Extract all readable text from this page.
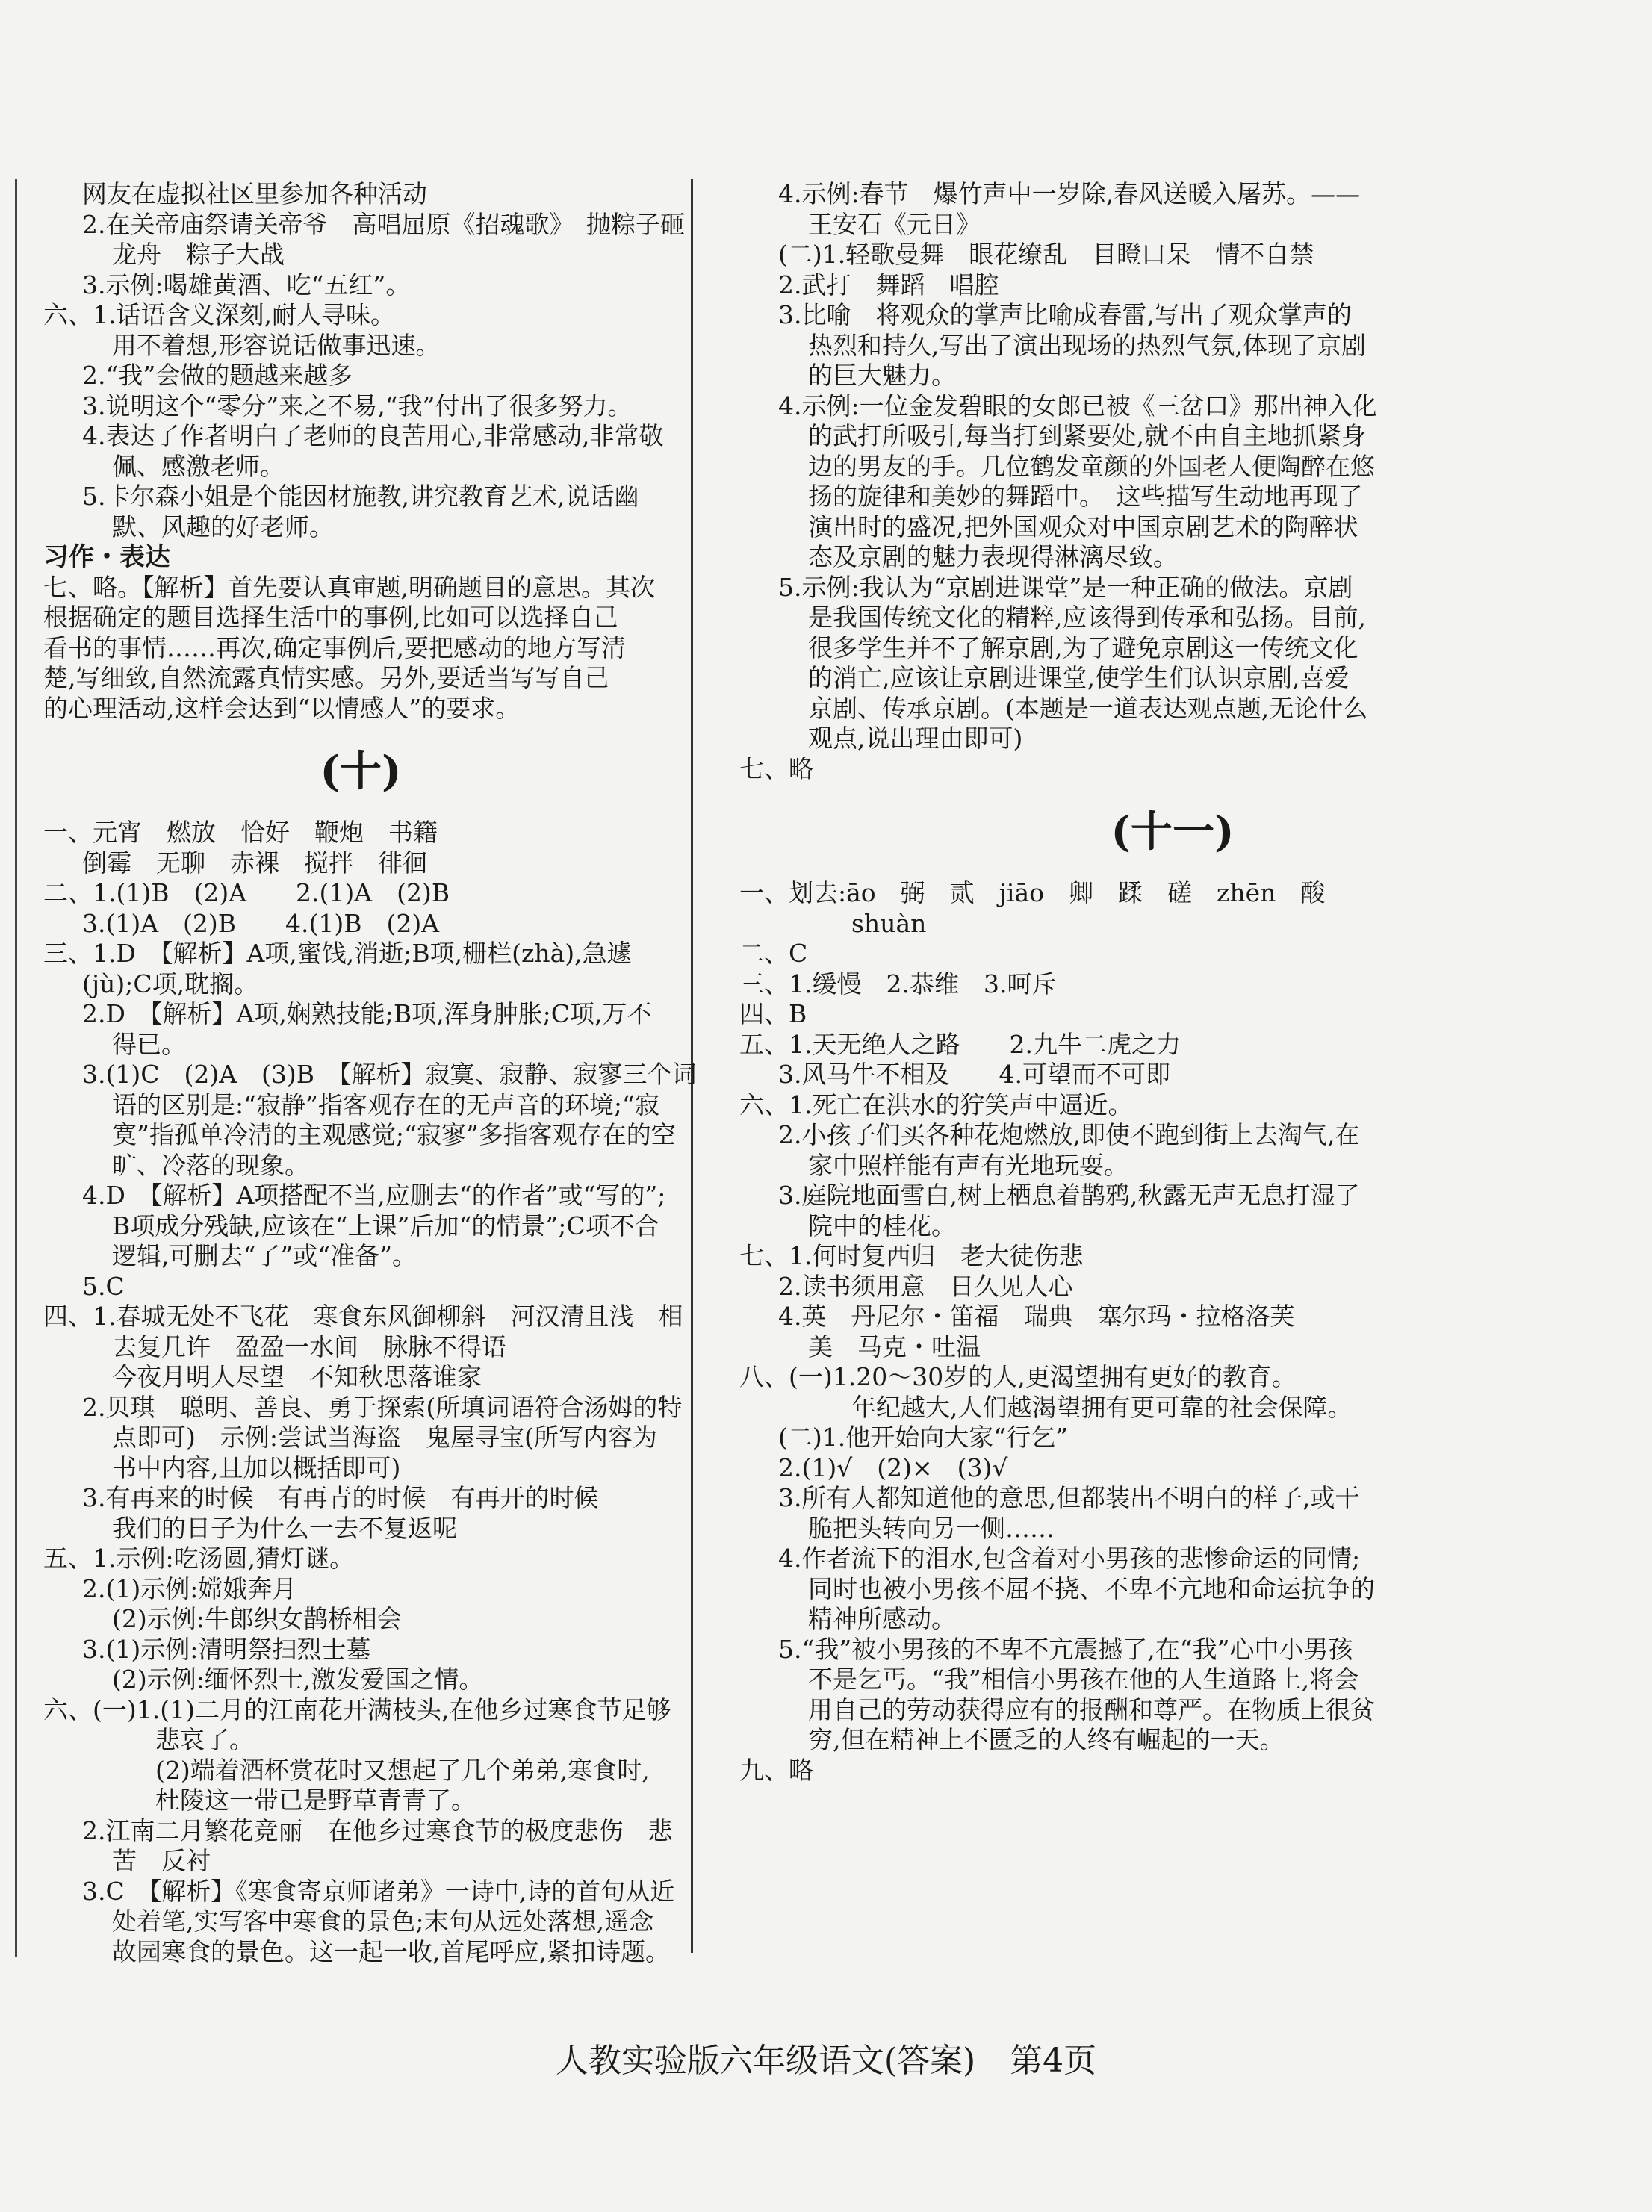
网友在虚拟社区里参加各种活动
2.在关帝庙祭请关帝爷　高唱屈原《招魂歌》　抛粽子砸
龙舟　粽子大战
3.示例:喝雄黄酒、吃“五红”。
六、1.话语含义深刻,耐人寻味。
用不着想,形容说话做事迅速。
2.“我”会做的题越来越多
3.说明这个“零分”来之不易,“我”付出了很多努力。
4.表达了作者明白了老师的良苦用心,非常感动,非常敬
佩、感激老师。
5.卡尔森小姐是个能因材施教,讲究教育艺术,说话幽
默、风趣的好老师。
习作・表达
七、略。【解析】首先要认真审题,明确题目的意思。其次
根据确定的题目选择生活中的事例,比如可以选择自己
看书的事情……再次,确定事例后,要把感动的地方写清
楚,写细致,自然流露真情实感。另外,要适当写写自己
的心理活动,这样会达到“以情感人”的要求。
(十)
一、元宵　燃放　恰好　鞭炮　书籍
倒霉　无聊　赤裸　搅拌　徘徊
二、1.(1)B　(2)A　　2.(1)A　(2)B
3.(1)A　(2)B　　4.(1)B　(2)A
三、1.D　【解析】A项,蜜饯,消逝;B项,栅栏(zhà),急遽
(jù);C项,耽搁。
2.D　【解析】A项,娴熟技能;B项,浑身肿胀;C项,万不
得已。
3.(1)C　(2)A　(3)B　【解析】寂寞、寂静、寂寥三个词
语的区别是:“寂静”指客观存在的无声音的环境;“寂
寞”指孤单冷清的主观感觉;“寂寥”多指客观存在的空
旷、冷落的现象。
4.D　【解析】A项搭配不当,应删去“的作者”或“写的”;
B项成分残缺,应该在“上课”后加“的情景”;C项不合
逻辑,可删去“了”或“准备”。
5.C
四、1.春城无处不飞花　寒食东风御柳斜　河汉清且浅　相
去复几许　盈盈一水间　脉脉不得语
今夜月明人尽望　不知秋思落谁家
2.贝琪　聪明、善良、勇于探索(所填词语符合汤姆的特
点即可)　示例:尝试当海盗　鬼屋寻宝(所写内容为
书中内容,且加以概括即可)
3.有再来的时候　有再青的时候　有再开的时候
我们的日子为什么一去不复返呢
五、1.示例:吃汤圆,猜灯谜。
2.(1)示例:嫦娥奔月
(2)示例:牛郎织女鹊桥相会
3.(1)示例:清明祭扫烈士墓
(2)示例:缅怀烈士,激发爱国之情。
六、(一)1.(1)二月的江南花开满枝头,在他乡过寒食节足够
悲哀了。
(2)端着酒杯赏花时又想起了几个弟弟,寒食时,
杜陵这一带已是野草青青了。
2.江南二月繁花竞丽　在他乡过寒食节的极度悲伤　悲
苦　反衬
3.C　【解析】《寒食寄京师诸弟》一诗中,诗的首句从近
处着笔,实写客中寒食的景色;末句从远处落想,遥念
故园寒食的景色。这一起一收,首尾呼应,紧扣诗题。
4.示例:春节　爆竹声中一岁除,春风送暖入屠苏。——
王安石《元日》
(二)1.轻歌曼舞　眼花缭乱　目瞪口呆　情不自禁
2.武打　舞蹈　唱腔
3.比喻　将观众的掌声比喻成春雷,写出了观众掌声的
热烈和持久,写出了演出现场的热烈气氛,体现了京剧
的巨大魅力。
4.示例:一位金发碧眼的女郎已被《三岔口》那出神入化
的武打所吸引,每当打到紧要处,就不由自主地抓紧身
边的男友的手。几位鹤发童颜的外国老人便陶醉在悠
扬的旋律和美妙的舞蹈中。　这些描写生动地再现了
演出时的盛况,把外国观众对中国京剧艺术的陶醉状
态及京剧的魅力表现得淋漓尽致。
5.示例:我认为“京剧进课堂”是一种正确的做法。京剧
是我国传统文化的精粹,应该得到传承和弘扬。目前,
很多学生并不了解京剧,为了避免京剧这一传统文化
的消亡,应该让京剧进课堂,使学生们认识京剧,喜爱
京剧、传承京剧。(本题是一道表达观点题,无论什么
观点,说出理由即可)
七、略
(十一)
一、划去:āo　弼　贰　jiāo　卿　蹂　磋　zhēn　酸
shuàn
二、C
三、1.缓慢　2.恭维　3.呵斥
四、B
五、1.天无绝人之路　　2.九牛二虎之力
3.风马牛不相及　　4.可望而不可即
六、1.死亡在洪水的狞笑声中逼近。
2.小孩子们买各种花炮燃放,即使不跑到街上去淘气,在
家中照样能有声有光地玩耍。
3.庭院地面雪白,树上栖息着鹊鸦,秋露无声无息打湿了
院中的桂花。
七、1.何时复西归　老大徒伤悲
2.读书须用意　日久见人心
4.英　丹尼尔・笛福　瑞典　塞尔玛・拉格洛芙
美　马克・吐温
八、(一)1.20～30岁的人,更渴望拥有更好的教育。
年纪越大,人们越渴望拥有更可靠的社会保障。
(二)1.他开始向大家“行乞”
2.(1)√　(2)×　(3)√
3.所有人都知道他的意思,但都装出不明白的样子,或干
脆把头转向另一侧……
4.作者流下的泪水,包含着对小男孩的悲惨命运的同情;
同时也被小男孩不屈不挠、不卑不亢地和命运抗争的
精神所感动。
5.“我”被小男孩的不卑不亢震撼了,在“我”心中小男孩
不是乞丐。“我”相信小男孩在他的人生道路上,将会
用自己的劳动获得应有的报酬和尊严。在物质上很贫
穷,但在精神上不匮乏的人终有崛起的一天。
九、略
人教实验版六年级语文(答案) 第4页
